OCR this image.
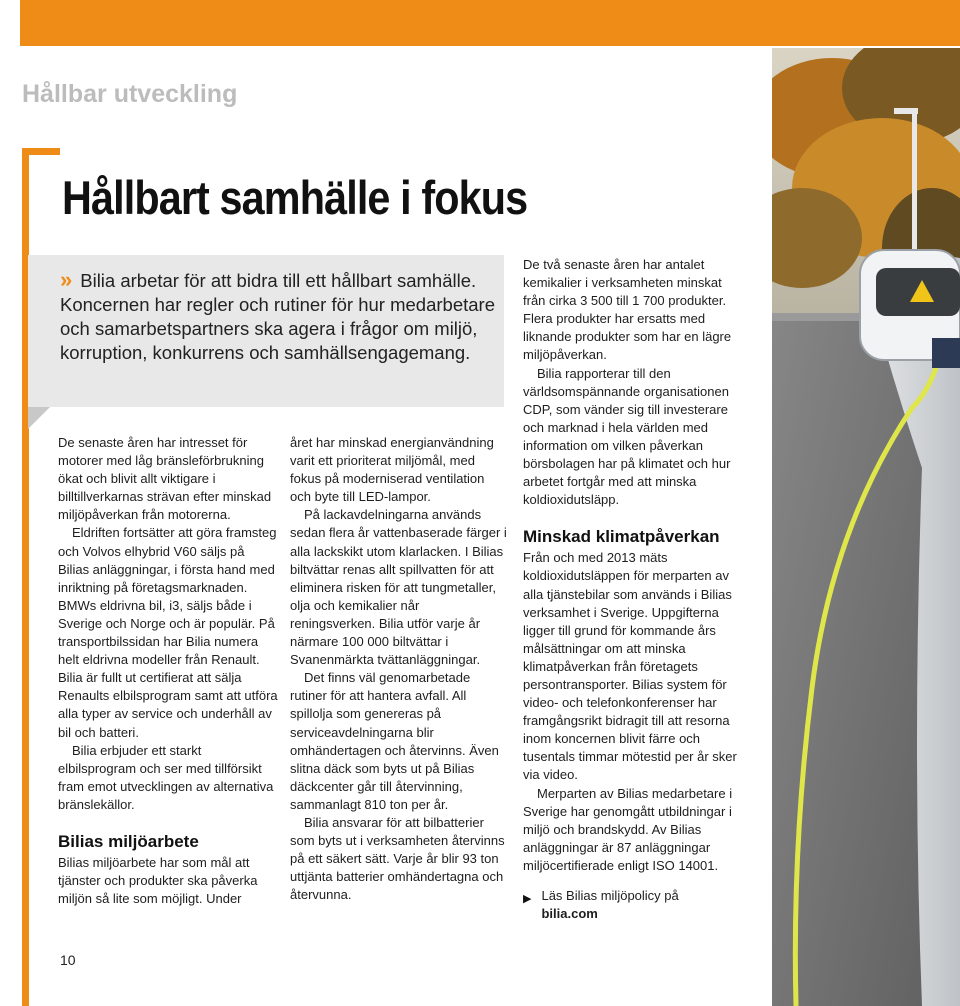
Hållbar utveckling
Hållbart samhälle i fokus
» Bilia arbetar för att bidra till ett hållbart samhälle. Koncernen har regler och rutiner för hur medarbetare och samarbetspartners ska agera i frågor om miljö, korruption, konkurrens och samhällsengagemang.

De senaste åren har intresset för motorer med låg bränsleförbrukning ökat och blivit allt viktigare i billtillverkarnas strävan efter minskad miljöpåverkan från motorerna.

Eldriften fortsätter att göra framsteg och Volvos elhybrid V60 säljs på Bilias anläggningar, i första hand med inriktning på företagsmarknaden. BMWs eldrivna bil, i3, säljs både i Sverige och Norge och är populär. På transportbilssidan har Bilia numera helt eldrivna modeller från Renault. Bilia är fullt ut certifierat att sälja Renaults elbilsprogram samt att utföra alla typer av service och underhåll av bil och batteri.

Bilia erbjuder ett starkt elbilsprogram och ser med tillförsikt fram emot utvecklingen av alternativa bränslekällor.

Bilias miljöarbete

Bilias miljöarbete har som mål att tjänster och produkter ska påverka miljön så lite som möjligt. Under

året har minskad energianvändning varit ett prioriterat miljömål, med fokus på moderniserad ventilation och byte till LED-lampor.

På lackavdelningarna används sedan flera år vattenbaserade färger i alla lackskikt utom klarlacken. I Bilias biltvättar renas allt spillvatten för att eliminera risken för att tungmetaller, olja och kemikalier når reningsverken. Bilia utför varje år närmare 100 000 biltvättar i Svanenmärkta tvättanläggningar.

Det finns väl genomarbetade rutiner för att hantera avfall. All spillolja som genereras på serviceavdelningarna blir omhändertagen och återvinns. Även slitna däck som byts ut på Bilias däckcenter går till återvinning, sammanlagt 810 ton per år.

Bilia ansvarar för att bilbatterier som byts ut i verksamheten återvinns på ett säkert sätt. Varje år blir 93 ton uttjänta batterier omhändertagna och återvunna.

De två senaste åren har antalet kemikalier i verksamheten minskat från cirka 3 500 till 1 700 produkter. Flera produkter har ersatts med liknande produkter som har en lägre miljöpåverkan.

Bilia rapporterar till den världsomspännande organisationen CDP, som vänder sig till investerare och marknad i hela världen med information om vilken påverkan börsbolagen har på klimatet och hur arbetet fortgår med att minska koldioxidutsläpp.

Minskad klimatpåverkan

Från och med 2013 mäts koldioxidutsläppen för merparten av alla tjänstebilar som används i Bilias verksamhet i Sverige. Uppgifterna ligger till grund för kommande års målsättningar om att minska klimatpåverkan från företagets persontransporter. Bilias system för video- och telefonkonferenser har framgångsrikt bidragit till att resorna inom koncernen blivit färre och tusentals timmar mötestid per år sker via video.

Merparten av Bilias medarbetare i Sverige har genomgått utbildningar i miljö och brandskydd. Av Bilias anläggningar är 87 anläggningar miljöcertifierade enligt ISO 14001.

▶ Läs Bilias miljöpolicy på
bilia.com
10
